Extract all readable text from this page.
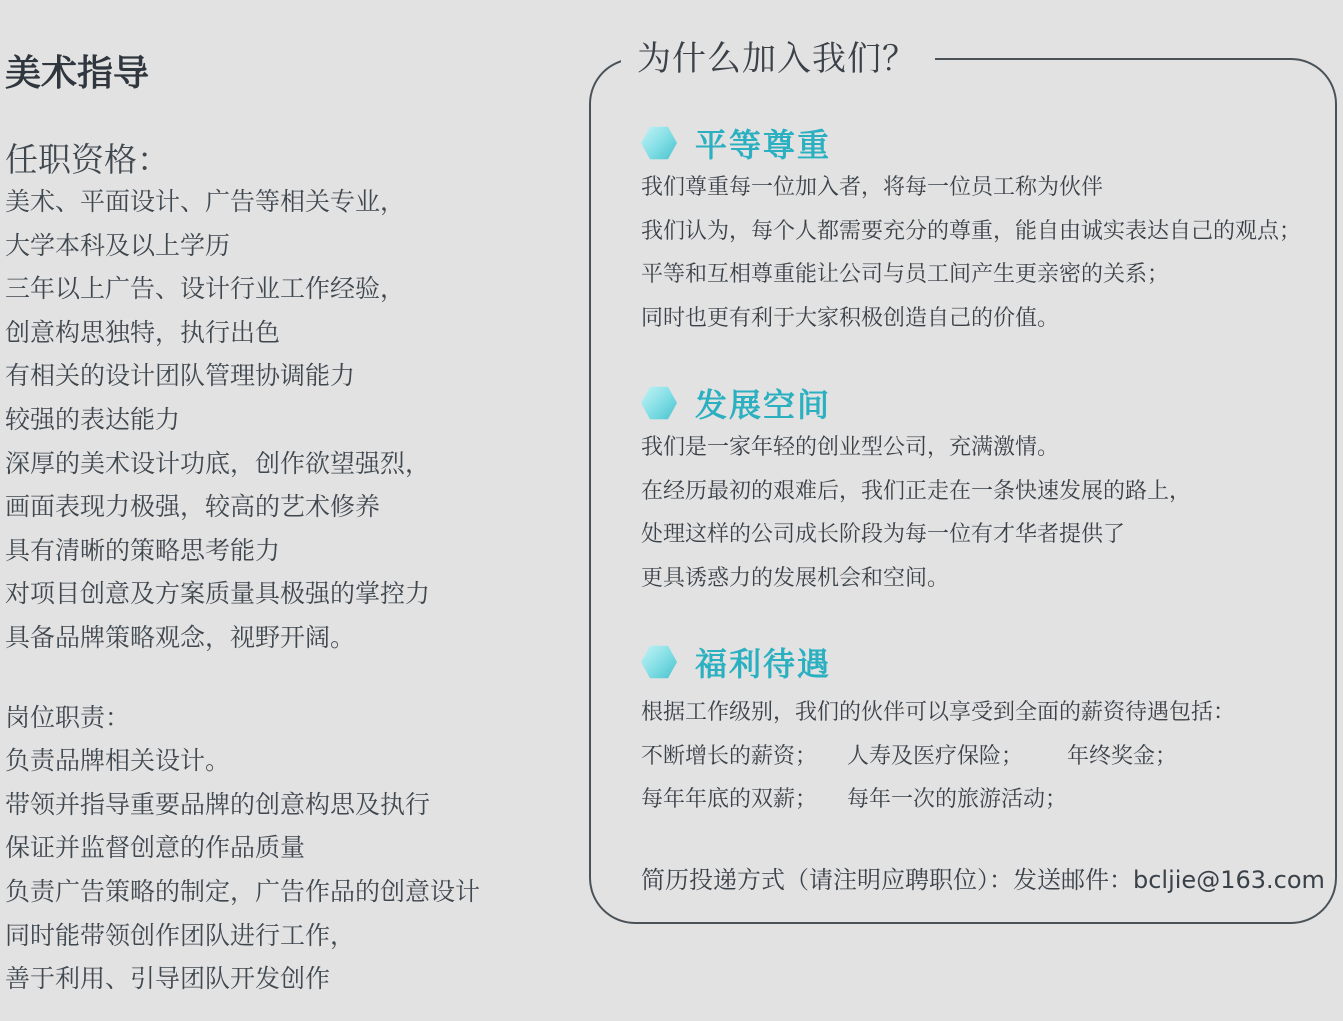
美术指导
任职资格：
美术、平面设计、广告等相关专业，
大学本科及以上学历
三年以上广告、设计行业工作经验，
创意构思独特，执行出色
有相关的设计团队管理协调能力
较强的表达能力
深厚的美术设计功底，创作欲望强烈，
画面表现力极强，较高的艺术修养
具有清晰的策略思考能力
对项目创意及方案质量具极强的掌控力
具备品牌策略观念，视野开阔。
岗位职责：
负责品牌相关设计。
带领并指导重要品牌的创意构思及执行
保证并监督创意的作品质量
负责广告策略的制定，广告作品的创意设计
同时能带领创作团队进行工作，
善于利用、引导团队开发创作
为什么加入我们？
平等尊重
我们尊重每一位加入者，将每一位员工称为伙伴
我们认为，每个人都需要充分的尊重，能自由诚实表达自己的观点；
平等和互相尊重能让公司与员工间产生更亲密的关系；
同时也更有利于大家积极创造自己的价值。
发展空间
我们是一家年轻的创业型公司，充满激情。
在经历最初的艰难后，我们正走在一条快速发展的路上，
处理这样的公司成长阶段为每一位有才华者提供了
更具诱惑力的发展机会和空间。
福利待遇
根据工作级别，我们的伙伴可以享受到全面的薪资待遇包括：
不断增长的薪资； 人寿及医疗保险； 年终奖金；
每年年底的双薪； 每年一次的旅游活动；
简历投递方式（请注明应聘职位）：发送邮件：bcljie@163.com
